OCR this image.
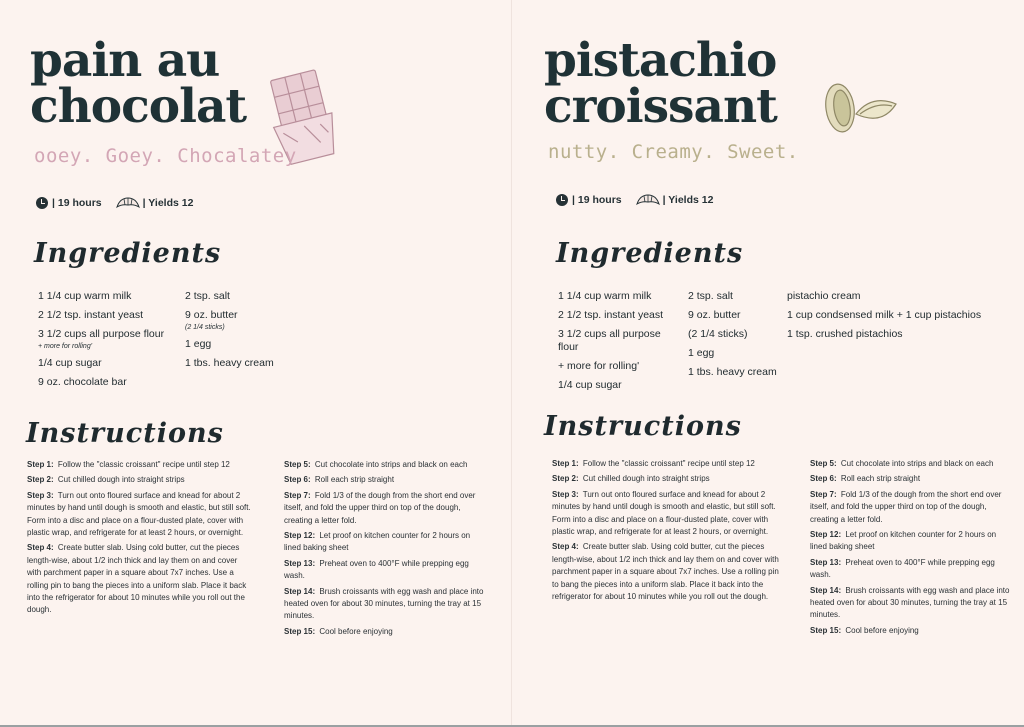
pain au
chocolat

ooey. Goey. Chocalatey

| 19 hours	| Yields 12
Ingredients

1 1/4 cup warm milk

2 1/2 tsp. instant yeast

3 1/2 cups all purpose flour

+ more for rolling'

1/4 cup sugar

9 oz. chocolate bar

2 tsp. salt

9 oz. butter

(2 1/4 sticks)

1 egg

1 tbs. heavy cream

Instructions

Step 1: Follow the "classic croissant" recipe until step 12

Step 2: Cut chilled dough into straight strips

Step 3: Turn out onto floured surface and knead for about 2 minutes by hand until dough is smooth and elastic, but still soft. Form into a disc and place on a flour-dusted plate, cover with plastic wrap, and refrigerate for at least 2 hours, or overnight.

Step 4: Create butter slab. Using cold butter, cut the pieces length-wise, about 1/2 inch thick and lay them on and cover with parchment paper in a square about 7x7 inches. Use a rolling pin to bang the pieces into a uniform slab. Place it back into the refrigerator for about 10 minutes while you roll out the dough.

Step 5: Cut chocolate into strips and black on each

Step 6: Roll each strip straight

Step 7: Fold 1/3 of the dough from the short end over itself, and fold the upper third on top of the dough, creating a letter fold.

Step 12: Let proof on kitchen counter for 2 hours on lined baking sheet

Step 13: Preheat oven to 400°F while prepping egg wash.

Step 14: Brush croissants with egg wash and place into heated oven for about 30 minutes, turning the tray at 15 minutes.

Step 15: Cool before enjoying

pistachio
croissant

nutty. Creamy. Sweet.

| 19 hours	| Yields 12
Ingredients

1 1/4 cup warm milk

2 1/2 tsp. instant yeast

3 1/2 cups all purpose flour

+ more for rolling'

1/4 cup sugar

2 tsp. salt

9 oz. butter

(2 1/4 sticks)

1 egg

1 tbs. heavy cream

pistachio cream

1 cup condsensed milk + 1 cup pistachios

1 tsp. crushed pistachios

Instructions

Step 1: Follow the "classic croissant" recipe until step 12

Step 2: Cut chilled dough into straight strips

Step 3: Turn out onto floured surface and knead for about 2 minutes by hand until dough is smooth and elastic, but still soft. Form into a disc and place on a flour-dusted plate, cover with plastic wrap, and refrigerate for at least 2 hours, or overnight.

Step 4: Create butter slab. Using cold butter, cut the pieces length-wise, about 1/2 inch thick and lay them on and cover with parchment paper in a square about 7x7 inches. Use a rolling pin to bang the pieces into a uniform slab. Place it back into the refrigerator for about 10 minutes while you roll out the dough.

Step 5: Cut chocolate into strips and black on each

Step 6: Roll each strip straight

Step 7: Fold 1/3 of the dough from the short end over itself, and fold the upper third on top of the dough, creating a letter fold.

Step 12: Let proof on kitchen counter for 2 hours on lined baking sheet

Step 13: Preheat oven to 400°F while prepping egg wash.

Step 14: Brush croissants with egg wash and place into heated oven for about 30 minutes, turning the tray at 15 minutes.

Step 15: Cool before enjoying
